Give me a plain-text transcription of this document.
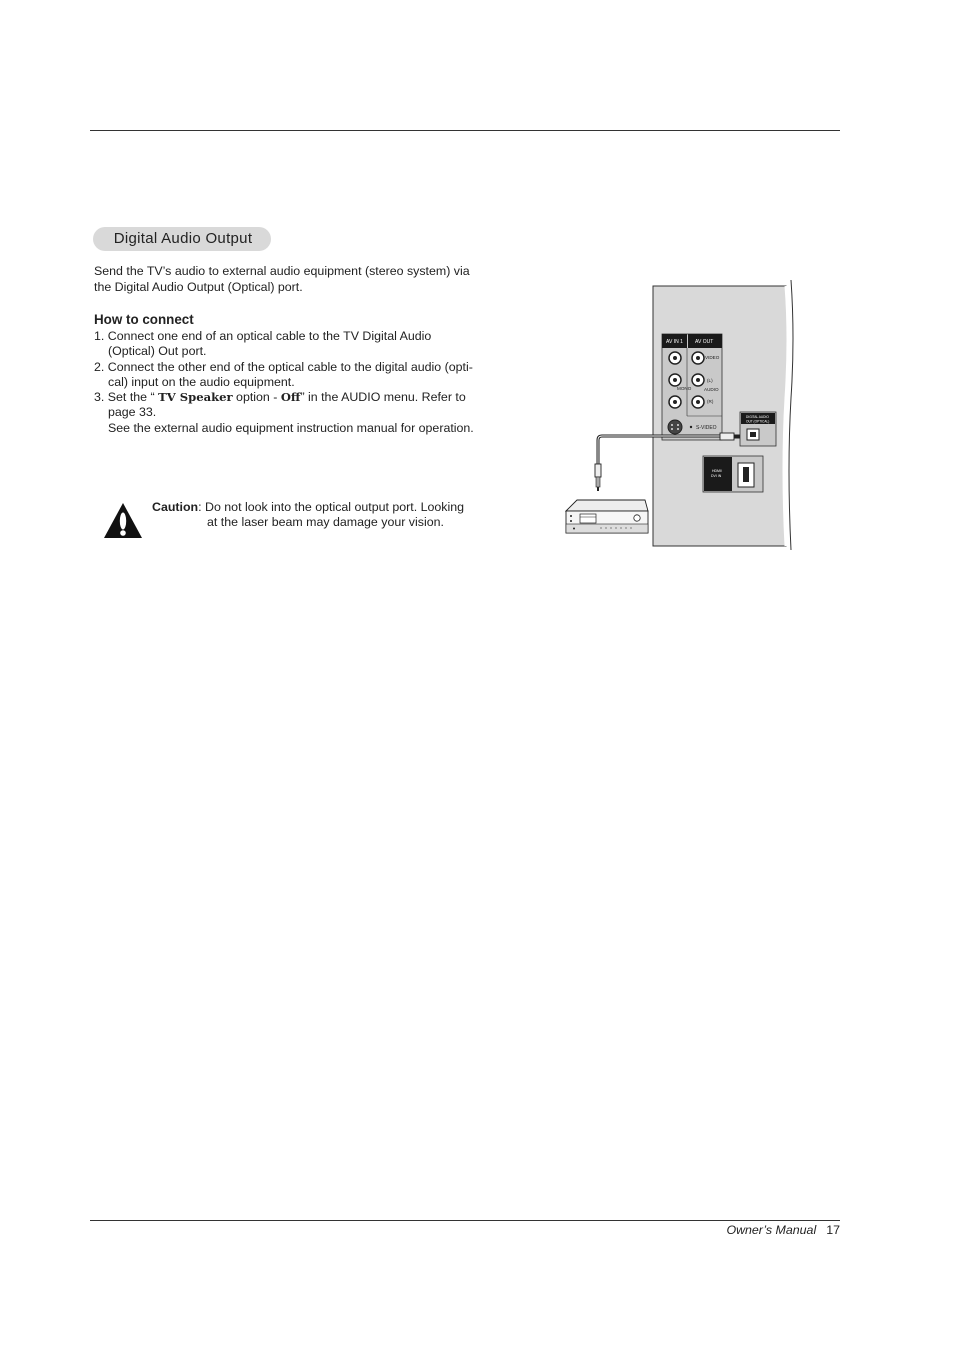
Digital Audio Output

Send the TV’s audio to external audio equipment (stereo system) via

the Digital Audio Output (Optical) port.

How to connect
1. Connect one end of an optical cable to the TV Digital Audio
(Optical) Out port.
2. Connect the other end of the optical cable to the digital audio (opti-
cal) input on the audio equipment.
3. Set the “ TV Speaker option - Off” in the AUDIO menu. Refer to
page 33.
See the external audio equipment instruction manual for operation.
Caution: Do not look into the optical output port. Looking
at the laser beam may damage your vision.
AV IN 1 AV OUT
VIDEO
MONO
(L)
AUDIO
(R)
S-VIDEO
DIGITAL AUDIO
OUT (OPTICAL)
HDMI/
DVI IN
Owner’s Manual 17
